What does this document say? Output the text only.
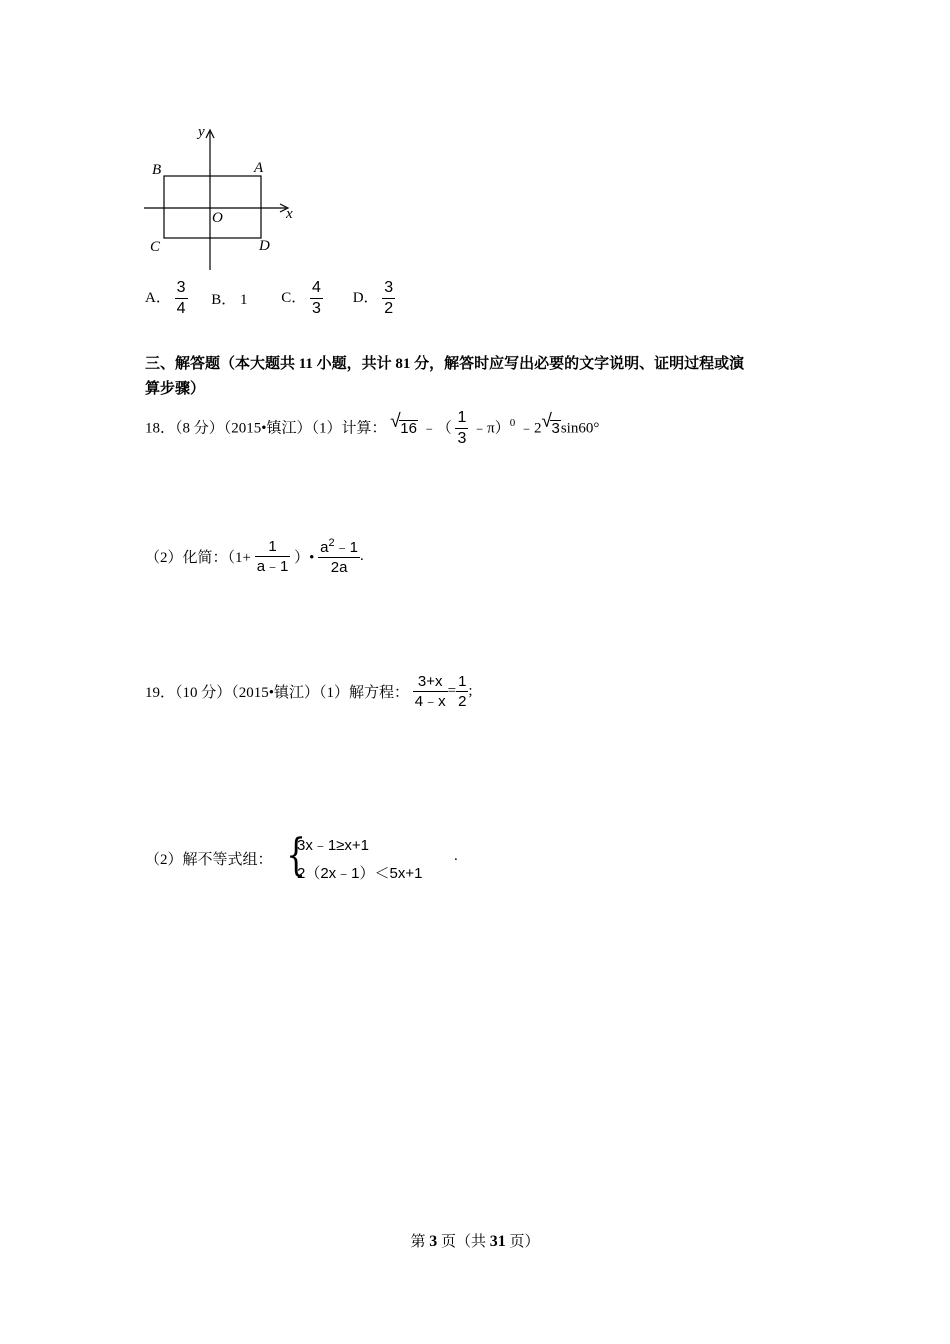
y
x
O
B	A
C	D
A． $\frac{3}{4}$ B． 1 C． $\frac{4}{3}$ D． $\frac{3}{2}$
三、解答题（本大题共 11 小题，共计 81 分，解答时应写出必要的文字说明、证明过程或演
算步骤）
18．（8 分）（2015•镇江）（1）计算： √ 16 ﹣（ $\frac{1}{3}$ ﹣π）$^0$ ﹣2 √ 3sin60°
（2）化简：（$1+ \frac{1}{a﹣1}$ ）• $\frac{a^2﹣1}{2a}$ .
19．（10 分）（2015•镇江）（1）解方程： $\frac{3+x}{4﹣x} = \frac{1}{2}$ ;
（2）解不等式组： {
3x﹣1≥x+1
2（2x﹣1）＜5x+1
.
第 3 页（共 31 页）
